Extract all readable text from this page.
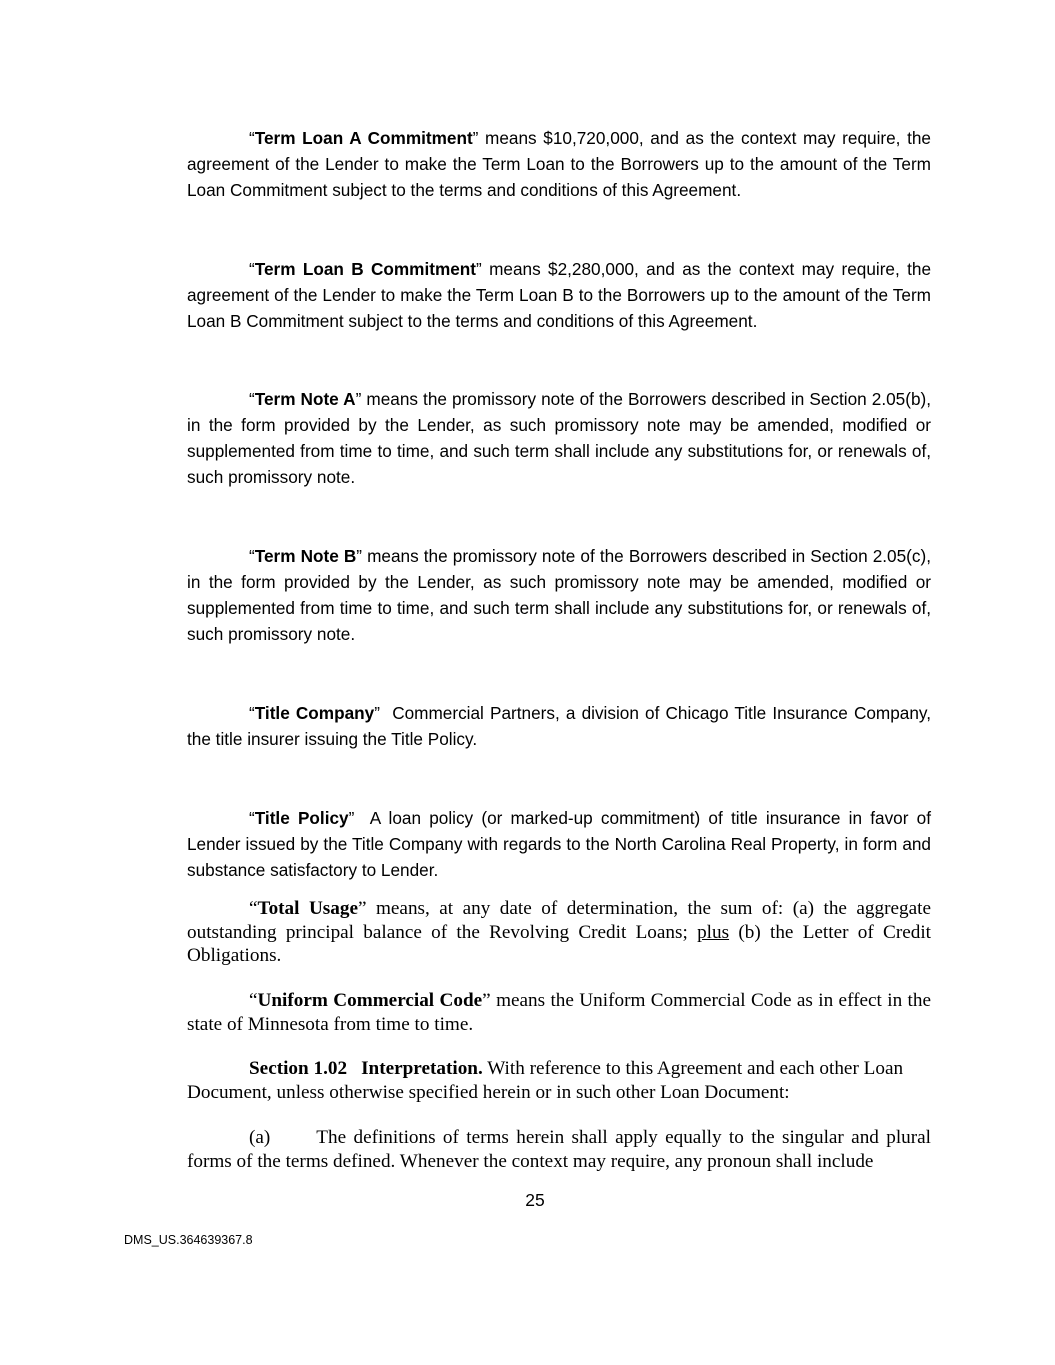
“Term Loan A Commitment” means $10,720,000, and as the context may require, the agreement of the Lender to make the Term Loan to the Borrowers up to the amount of the Term Loan Commitment subject to the terms and conditions of this Agreement.

“Term Loan B Commitment” means $2,280,000, and as the context may require, the agreement of the Lender to make the Term Loan B to the Borrowers up to the amount of the Term Loan B Commitment subject to the terms and conditions of this Agreement.

“Term Note A” means the promissory note of the Borrowers described in Section 2.05(b), in the form provided by the Lender, as such promissory note may be amended, modified or supplemented from time to time, and such term shall include any substitutions for, or renewals of, such promissory note.

“Term Note B” means the promissory note of the Borrowers described in Section 2.05(c), in the form provided by the Lender, as such promissory note may be amended, modified or supplemented from time to time, and such term shall include any substitutions for, or renewals of, such promissory note.

“Title Company”  Commercial Partners, a division of Chicago Title Insurance Company, the title insurer issuing the Title Policy.

“Title Policy”  A loan policy (or marked-up commitment) of title insurance in favor of Lender issued by the Title Company with regards to the North Carolina Real Property, in form and substance satisfactory to Lender.

“Total Usage” means, at any date of determination, the sum of: (a) the aggregate outstanding principal balance of the Revolving Credit Loans; plus (b) the Letter of Credit Obligations.

“Uniform Commercial Code” means the Uniform Commercial Code as in effect in the state of Minnesota from time to time.

Section 1.02 Interpretation. With reference to this Agreement and each other Loan Document, unless otherwise specified herein or in such other Loan Document:

(a) The definitions of terms herein shall apply equally to the singular and plural forms of the terms defined. Whenever the context may require, any pronoun shall include

25
DMS_US.364639367.8
